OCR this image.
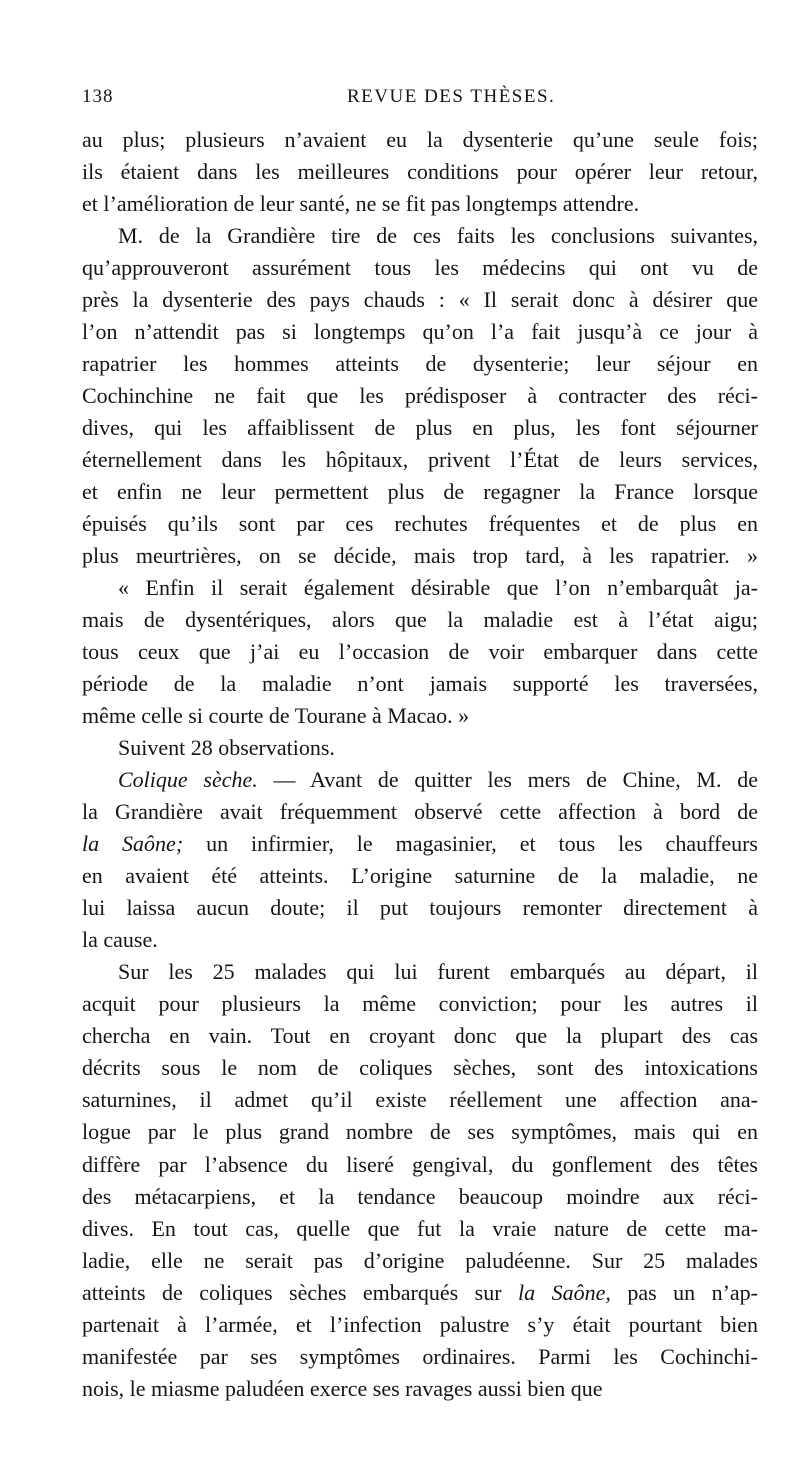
138	REVUE DES THÈSES.
au plus; plusieurs n’avaient eu la dysenterie qu’une seule fois;
ils étaient dans les meilleures conditions pour opérer leur retour,
et l’amélioration de leur santé, ne se fit pas longtemps attendre.
M. de la Grandière tire de ces faits les conclusions suivantes,
qu’approuveront assurément tous les médecins qui ont vu de
près la dysenterie des pays chauds : « Il serait donc à désirer que
l’on n’attendit pas si longtemps qu’on l’a fait jusqu’à ce jour à
rapatrier les hommes atteints de dysenterie; leur séjour en
Cochinchine ne fait que les prédisposer à contracter des réci-
dives, qui les affaiblissent de plus en plus, les font séjourner
éternellement dans les hôpitaux, privent l’État de leurs services,
et enfin ne leur permettent plus de regagner la France lorsque
épuisés qu’ils sont par ces rechutes fréquentes et de plus en
plus meurtrières, on se décide, mais trop tard, à les rapatrier. »
« Enfin il serait également désirable que l’on n’embarquât ja-
mais de dysentériques, alors que la maladie est à l’état aigu;
tous ceux que j’ai eu l’occasion de voir embarquer dans cette
période de la maladie n’ont jamais supporté les traversées,
même celle si courte de Tourane à Macao. »
Suivent 28 observations.
Colique sèche. — Avant de quitter les mers de Chine, M. de
la Grandière avait fréquemment observé cette affection à bord de
la Saône; un infirmier, le magasinier, et tous les chauffeurs
en avaient été atteints. L’origine saturnine de la maladie, ne
lui laissa aucun doute; il put toujours remonter directement à
la cause.
Sur les 25 malades qui lui furent embarqués au départ, il
acquit pour plusieurs la même conviction; pour les autres il
chercha en vain. Tout en croyant donc que la plupart des cas
décrits sous le nom de coliques sèches, sont des intoxications
saturnines, il admet qu’il existe réellement une affection ana-
logue par le plus grand nombre de ses symptômes, mais qui en
diffère par l’absence du liseré gengival, du gonflement des têtes
des métacarpiens, et la tendance beaucoup moindre aux réci-
dives. En tout cas, quelle que fut la vraie nature de cette ma-
ladie, elle ne serait pas d’origine paludéenne. Sur 25 malades
atteints de coliques sèches embarqués sur la Saône, pas un n’ap-
partenait à l’armée, et l’infection palustre s’y était pourtant bien
manifestée par ses symptômes ordinaires. Parmi les Cochinchi-
nois, le miasme paludéen exerce ses ravages aussi bien que
